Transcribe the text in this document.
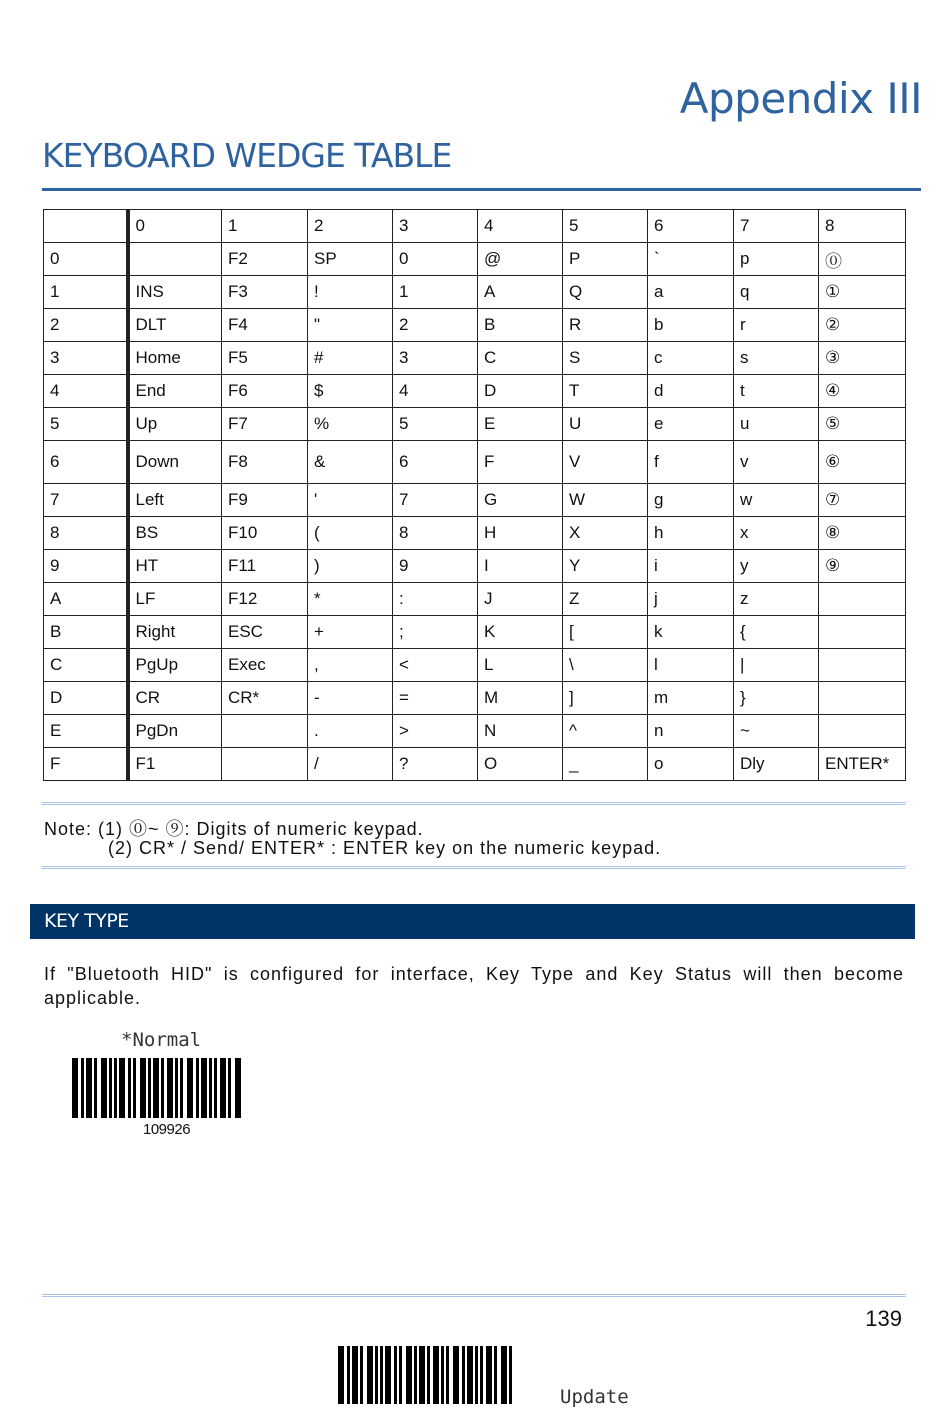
Appendix III
KEYBOARD WEDGE TABLE
	0	1	2	3	4	5	6	7	8
0		F2	SP	0	@	P	`	p	⓪
1	INS	F3	!	1	A	Q	a	q	①
2	DLT	F4	"	2	B	R	b	r	②
3	Home	F5	#	3	C	S	c	s	③
4	End	F6	$	4	D	T	d	t	④
5	Up	F7	%	5	E	U	e	u	⑤
6	Down	F8	&	6	F	V	f	v	⑥
7	Left	F9	'	7	G	W	g	w	⑦
8	BS	F10	(	8	H	X	h	x	⑧
9	HT	F11	)	9	I	Y	i	y	⑨
A	LF	F12	*	:	J	Z	j	z	
B	Right	ESC	+	;	K	[	k	{	
C	PgUp	Exec	,	<	L	\	l	|	
D	CR	CR*	-	=	M	]	m	}	
E	PgDn		.	>	N	^	n	~	
F	F1		/	?	O	_	o	Dly	ENTER*
Note: (1) ⓪~ ⑨: Digits of numeric keypad.
(2) CR* / Send/ ENTER* : ENTER key on the numeric keypad.
KEY TYPE
If "Bluetooth HID" is configured for interface, Key Type and Key Status will then become applicable.
*Normal
109926
139
Update
